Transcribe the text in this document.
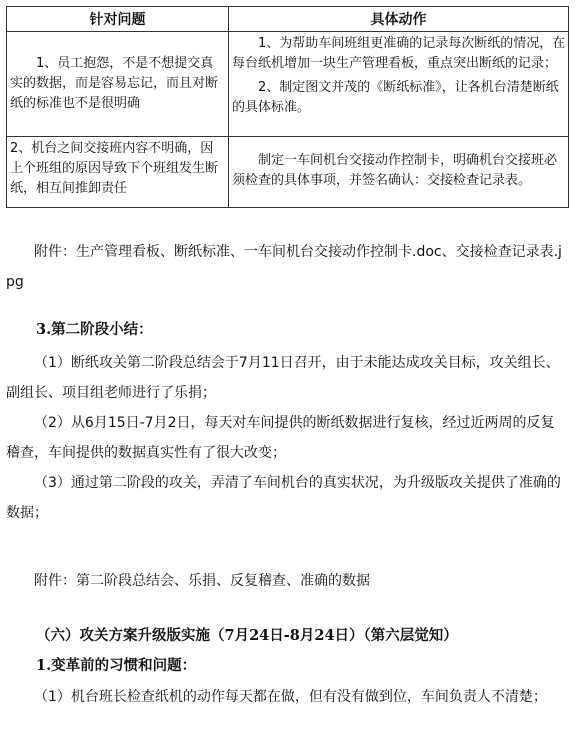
针对问题	具体动作

1、员工抱怨，不是不想提交真实的数据，而是容易忘记，而且对断纸的标准也不是很明确	1、为帮助车间班组更准确的记录每次断纸的情况，在每台纸机增加一块生产管理看板，重点突出断纸的记录；
2、制定图文并茂的《断纸标准》，让各机台清楚断纸的具体标准。

2、机台之间交接班内容不明确，因上个班组的原因导致下个班组发生断纸，相互间推卸责任	制定一车间机台交接动作控制卡，明确机台交接班必须检查的具体事项，并签名确认：交接检查记录表。
附件：生产管理看板、断纸标准、一车间机台交接动作控制卡.doc、交接检查记录表.jpg
3.第二阶段小结：
（1）断纸攻关第二阶段总结会于7月11日召开，由于未能达成攻关目标，攻关组长、副组长、项目组老师进行了乐捐；
（2）从6月15日-7月2日，每天对车间提供的断纸数据进行复核，经过近两周的反复稽查，车间提供的数据真实性有了很大改变；
（3）通过第二阶段的攻关，弄清了车间机台的真实状况，为升级版攻关提供了准确的数据；
附件：第二阶段总结会、乐捐、反复稽查、准确的数据
（六）攻关方案升级版实施（7月24日-8月24日）（第六层觉知）
1.变革前的习惯和问题：
（1）机台班长检查纸机的动作每天都在做，但有没有做到位，车间负责人不清楚；
